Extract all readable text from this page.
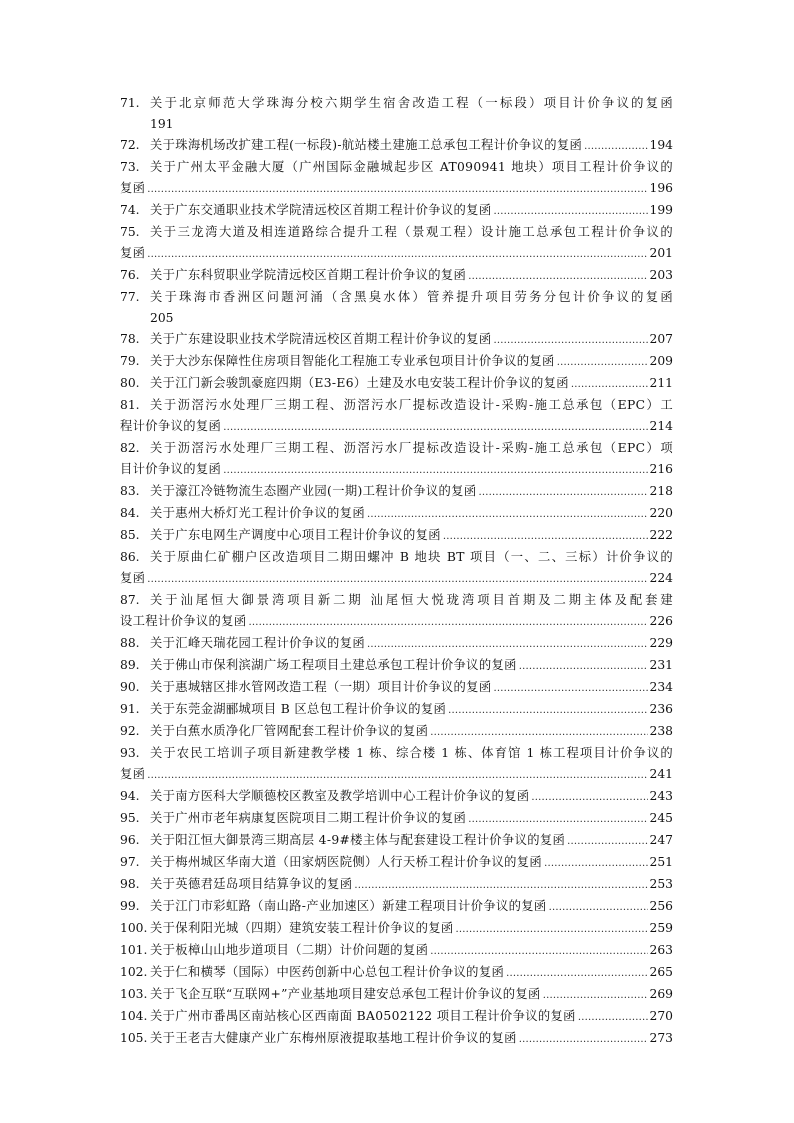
71. 关于北京师范大学珠海分校六期学生宿舍改造工程（一标段）项目计价争议的复函
191
72. 关于珠海机场改扩建工程(一标段)-航站楼土建施工总承包工程计价争议的复函 .....	194
73. 关于广州太平金融大厦（广州国际金融城起步区 AT090941 地块）项目工程计价争议的
复函 .....	196
74. 关于广东交通职业技术学院清远校区首期工程计价争议的复函 .....	199
75. 关于三龙湾大道及相连道路综合提升工程（景观工程）设计施工总承包工程计价争议的
复函 .....	201
76. 关于广东科贸职业学院清远校区首期工程计价争议的复函 .....	203
77. 关于珠海市香洲区问题河涌（含黑臭水体）管养提升项目劳务分包计价争议的复函
205
78. 关于广东建设职业技术学院清远校区首期工程计价争议的复函 .....	207
79. 关于大沙东保障性住房项目智能化工程施工专业承包项目计价争议的复函 .....	209
80. 关于江门新会骏凯豪庭四期（E3-E6）土建及水电安装工程计价争议的复函 .....	211
81. 关于沥滘污水处理厂三期工程、沥滘污水厂提标改造设计-采购-施工总承包（EPC）工
程计价争议的复函 .....	214
82. 关于沥滘污水处理厂三期工程、沥滘污水厂提标改造设计-采购-施工总承包（EPC）项
目计价争议的复函 .....	216
83. 关于濠江冷链物流生态圈产业园(一期)工程计价争议的复函 .....	218
84. 关于惠州大桥灯光工程计价争议的复函 .....	220
85. 关于广东电网生产调度中心项目工程计价争议的复函 .....	222
86. 关于原曲仁矿棚户区改造项目二期田螺冲 B 地块 BT 项目（一、二、三标）计价争议的
复函 .....	224
87. 关于汕尾恒大御景湾项目新二期 汕尾恒大悦珑湾项目首期及二期主体及配套建
设工程计价争议的复函 .....	226
88. 关于汇峰天瑞花园工程计价争议的复函 .....	229
89. 关于佛山市保利滨湖广场工程项目土建总承包工程计价争议的复函 .....	231
90. 关于惠城辖区排水管网改造工程（一期）项目计价争议的复函 .....	234
91. 关于东莞金湖郦城项目 B 区总包工程计价争议的复函 .....	236
92. 关于白蕉水质净化厂管网配套工程计价争议的复函 .....	238
93. 关于农民工培训子项目新建教学楼 1 栋、综合楼 1 栋、体育馆 1 栋工程项目计价争议的
复函 .....	241
94. 关于南方医科大学顺德校区教室及教学培训中心工程计价争议的复函 .....	243
95. 关于广州市老年病康复医院项目二期工程计价争议的复函 .....	245
96. 关于阳江恒大御景湾三期高层 4-9#楼主体与配套建设工程计价争议的复函 .....	247
97. 关于梅州城区华南大道（田家炳医院侧）人行天桥工程计价争议的复函 .....	251
98. 关于英德君廷岛项目结算争议的复函 .....	253
99. 关于江门市彩虹路（南山路-产业加速区）新建工程项目计价争议的复函 .....	256
100. 关于保利阳光城（四期）建筑安装工程计价争议的复函 .....	259
101. 关于板樟山山地步道项目（二期）计价问题的复函 .....	263
102. 关于仁和横琴（国际）中医药创新中心总包工程计价争议的复函 .....	265
103. 关于飞企互联“互联网+”产业基地项目建安总承包工程计价争议的复函 .....	269
104. 关于广州市番禺区南站核心区西南面 BA0502122 项目工程计价争议的复函 .....	270
105. 关于王老吉大健康产业广东梅州原液提取基地工程计价争议的复函 .....	273
